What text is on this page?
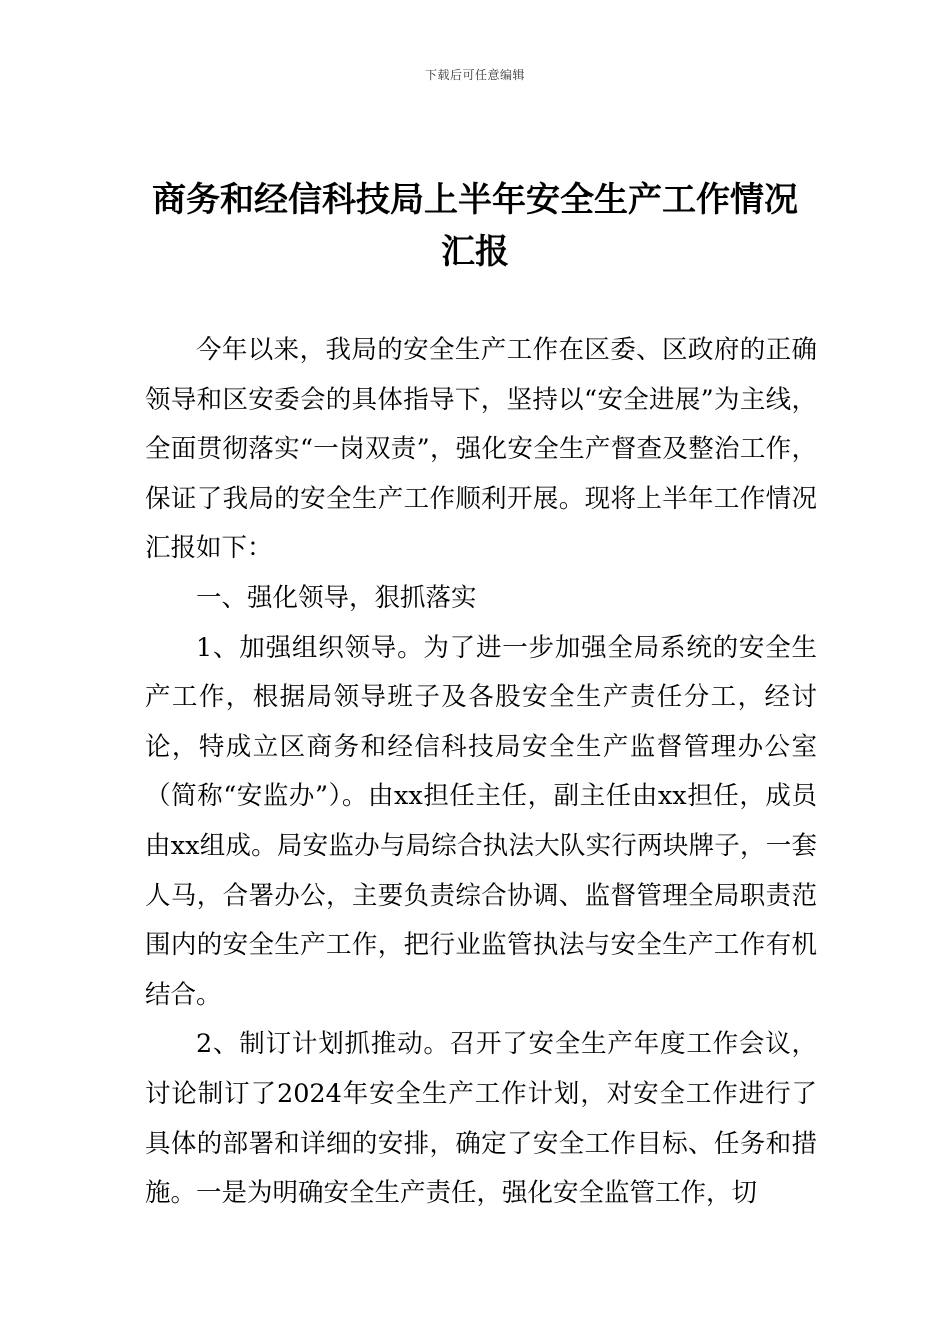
下载后可任意编辑
商务和经信科技局上半年安全生产工作情况汇报

今年以来，我局的安全生产工作在区委、区政府的正确领导和区安委会的具体指导下，坚持以“安全进展”为主线，全面贯彻落实“一岗双责”，强化安全生产督查及整治工作，保证了我局的安全生产工作顺利开展。现将上半年工作情况汇报如下：

一、强化领导，狠抓落实

1、加强组织领导。为了进一步加强全局系统的安全生产工作，根据局领导班子及各股安全生产责任分工，经讨论，特成立区商务和经信科技局安全生产监督管理办公室（简称“安监办”）。由xx担任主任，副主任由xx担任，成员由xx组成。局安监办与局综合执法大队实行两块牌子，一套人马，合署办公，主要负责综合协调、监督管理全局职责范围内的安全生产工作，把行业监管执法与安全生产工作有机结合。

2、制订计划抓推动。召开了安全生产年度工作会议，讨论制订了2024年安全生产工作计划，对安全工作进行了具体的部署和详细的安排，确定了安全工作目标、任务和措施。一是为明确安全生产责任，强化安全监管工作，切
